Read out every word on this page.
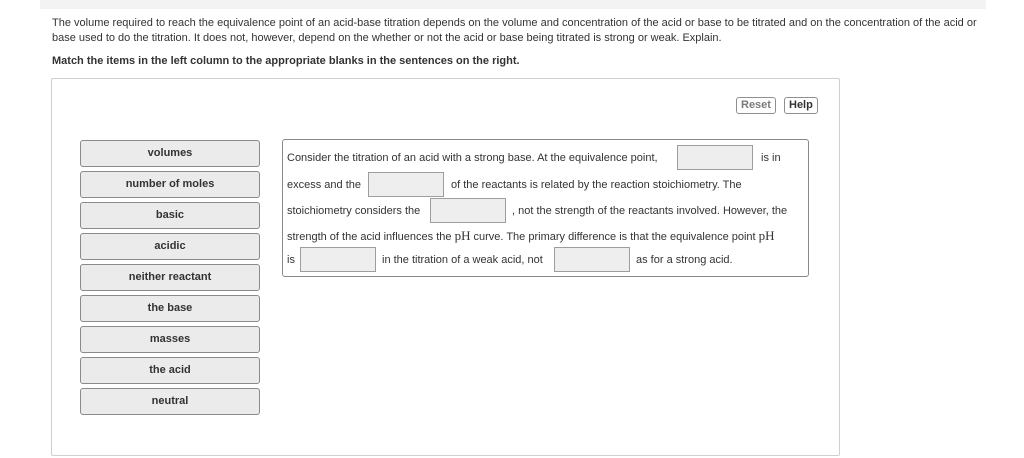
The volume required to reach the equivalence point of an acid-base titration depends on the volume and concentration of the acid or base to be titrated and on the concentration of the acid or base used to do the titration. It does not, however, depend on the whether or not the acid or base being titrated is strong or weak. Explain.
Match the items in the left column to the appropriate blanks in the sentences on the right.
Reset	Help
volumes
number of moles
basic
acidic
neither reactant
the base
masses
the acid
neutral
Consider the titration of an acid with a strong base. At the equivalence point,	is in
excess and the	of the reactants is related by the reaction stoichiometry. The
stoichiometry considers the	, not the strength of the reactants involved. However, the
strength of the acid influences the pH curve. The primary difference is that the equivalence point pH
is	in the titration of a weak acid, not	as for a strong acid.
